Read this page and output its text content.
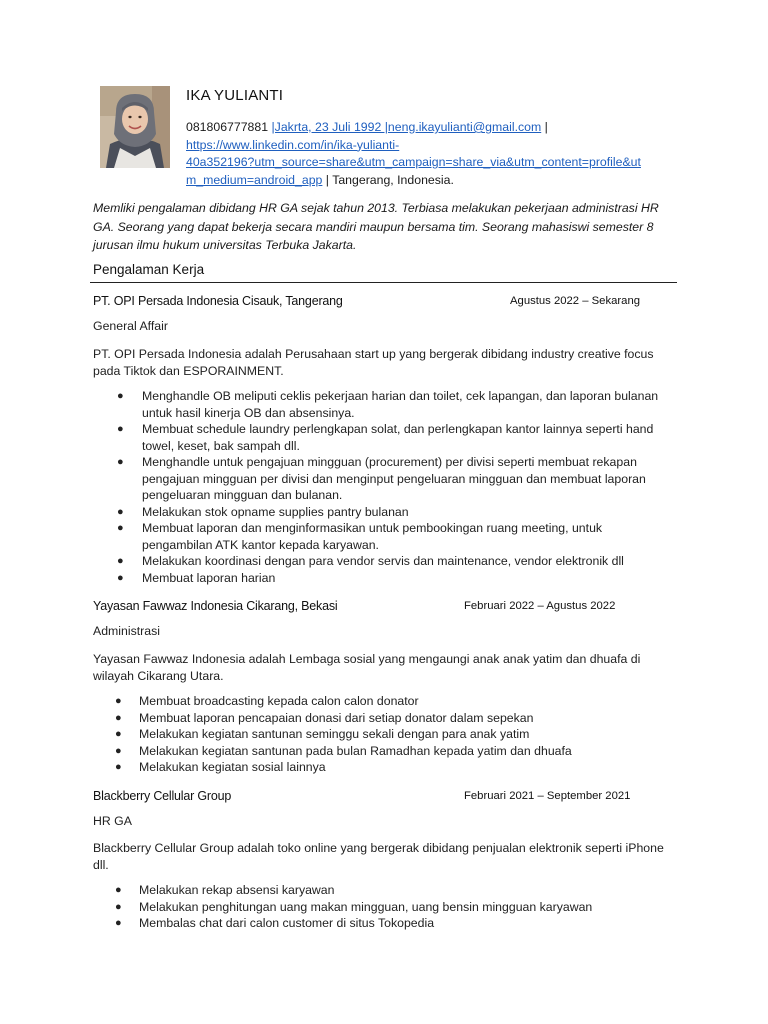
IKA YULIANTI
081806777881 |Jakrta, 23 Juli 1992 |neng.ikayulianti@gmail.com |
https://www.linkedin.com/in/ika-yulianti-
40a352196?utm_source=share&utm_campaign=share_via&utm_content=profile&ut
m_medium=android_app | Tangerang, Indonesia.
Memliki pengalaman dibidang HR GA sejak tahun 2013. Terbiasa melakukan pekerjaan administrasi HR GA. Seorang yang dapat bekerja secara mandiri maupun bersama tim. Seorang mahasiswi semester 8 jurusan ilmu hukum universitas Terbuka Jakarta.
Pengalaman Kerja
PT. OPI Persada Indonesia Cisauk, Tangerang	Agustus 2022 – Sekarang
General Affair
PT. OPI Persada Indonesia adalah Perusahaan start up yang bergerak dibidang industry creative focus pada Tiktok dan ESPORAINMENT.
● Menghandle OB meliputi ceklis pekerjaan harian dan toilet, cek lapangan, dan laporan bulanan untuk hasil kinerja OB dan absensinya.
● Membuat schedule laundry perlengkapan solat, dan perlengkapan kantor lainnya seperti hand towel, keset, bak sampah dll.
● Menghandle untuk pengajuan mingguan (procurement) per divisi seperti membuat rekapan pengajuan mingguan per divisi dan menginput pengeluaran mingguan dan membuat laporan pengeluaran mingguan dan bulanan.
● Melakukan stok opname supplies pantry bulanan
● Membuat laporan dan menginformasikan untuk pembookingan ruang meeting, untuk pengambilan ATK kantor kepada karyawan.
● Melakukan koordinasi dengan para vendor servis dan maintenance, vendor elektronik dll
● Membuat laporan harian
Yayasan Fawwaz Indonesia Cikarang, Bekasi	Februari 2022 – Agustus 2022
Administrasi
Yayasan Fawwaz Indonesia adalah Lembaga sosial yang mengaungi anak anak yatim dan dhuafa di wilayah Cikarang Utara.
● Membuat broadcasting kepada calon calon donator
● Membuat laporan pencapaian donasi dari setiap donator dalam sepekan
● Melakukan kegiatan santunan seminggu sekali dengan para anak yatim
● Melakukan kegiatan santunan pada bulan Ramadhan kepada yatim dan dhuafa
● Melakukan kegiatan sosial lainnya
Blackberry Cellular Group	Februari 2021 – September 2021
HR GA
Blackberry Cellular Group adalah toko online yang bergerak dibidang penjualan elektronik seperti iPhone dll.
● Melakukan rekap absensi karyawan
● Melakukan penghitungan uang makan mingguan, uang bensin mingguan karyawan
● Membalas chat dari calon customer di situs Tokopedia
